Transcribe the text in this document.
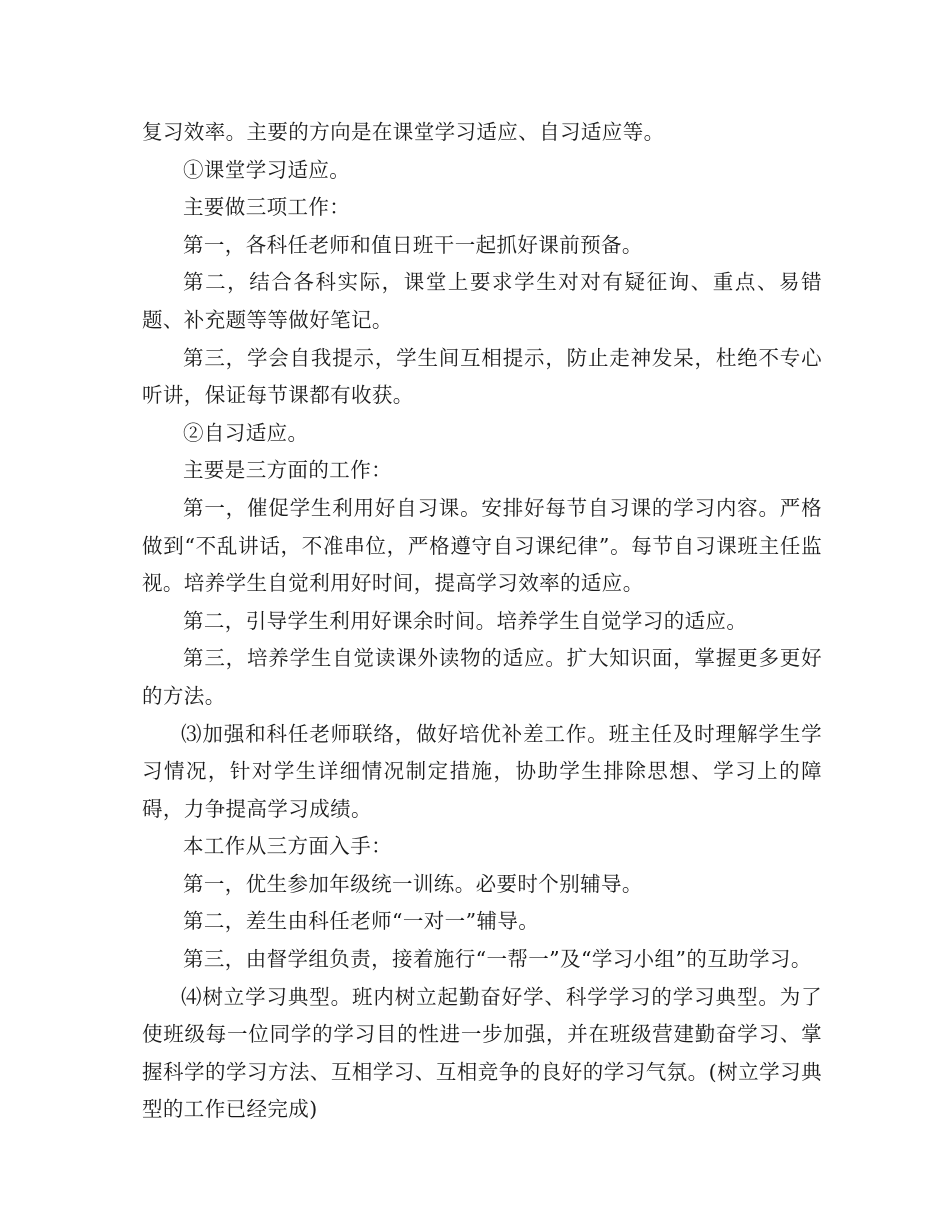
复习效率。主要的方向是在课堂学习适应、自习适应等。

①课堂学习适应。

主要做三项工作：

第一，各科任老师和值日班干一起抓好课前预备。

第二，结合各科实际，课堂上要求学生对对有疑征询、重点、易错题、补充题等等做好笔记。

第三，学会自我提示，学生间互相提示，防止走神发呆，杜绝不专心听讲，保证每节课都有收获。

②自习适应。

主要是三方面的工作：

第一，催促学生利用好自习课。安排好每节自习课的学习内容。严格做到“不乱讲话，不准串位，严格遵守自习课纪律”。每节自习课班主任监视。培养学生自觉利用好时间，提高学习效率的适应。

第二，引导学生利用好课余时间。培养学生自觉学习的适应。

第三，培养学生自觉读课外读物的适应。扩大知识面，掌握更多更好的方法。

⑶加强和科任老师联络，做好培优补差工作。班主任及时理解学生学习情况，针对学生详细情况制定措施，协助学生排除思想、学习上的障碍，力争提高学习成绩。

本工作从三方面入手：

第一，优生参加年级统一训练。必要时个别辅导。

第二，差生由科任老师“一对一”辅导。

第三，由督学组负责，接着施行“一帮一”及“学习小组”的互助学习。

⑷树立学习典型。班内树立起勤奋好学、科学学习的学习典型。为了使班级每一位同学的学习目的性进一步加强，并在班级营建勤奋学习、掌握科学的学习方法、互相学习、互相竞争的良好的学习气氛。(树立学习典型的工作已经完成)
